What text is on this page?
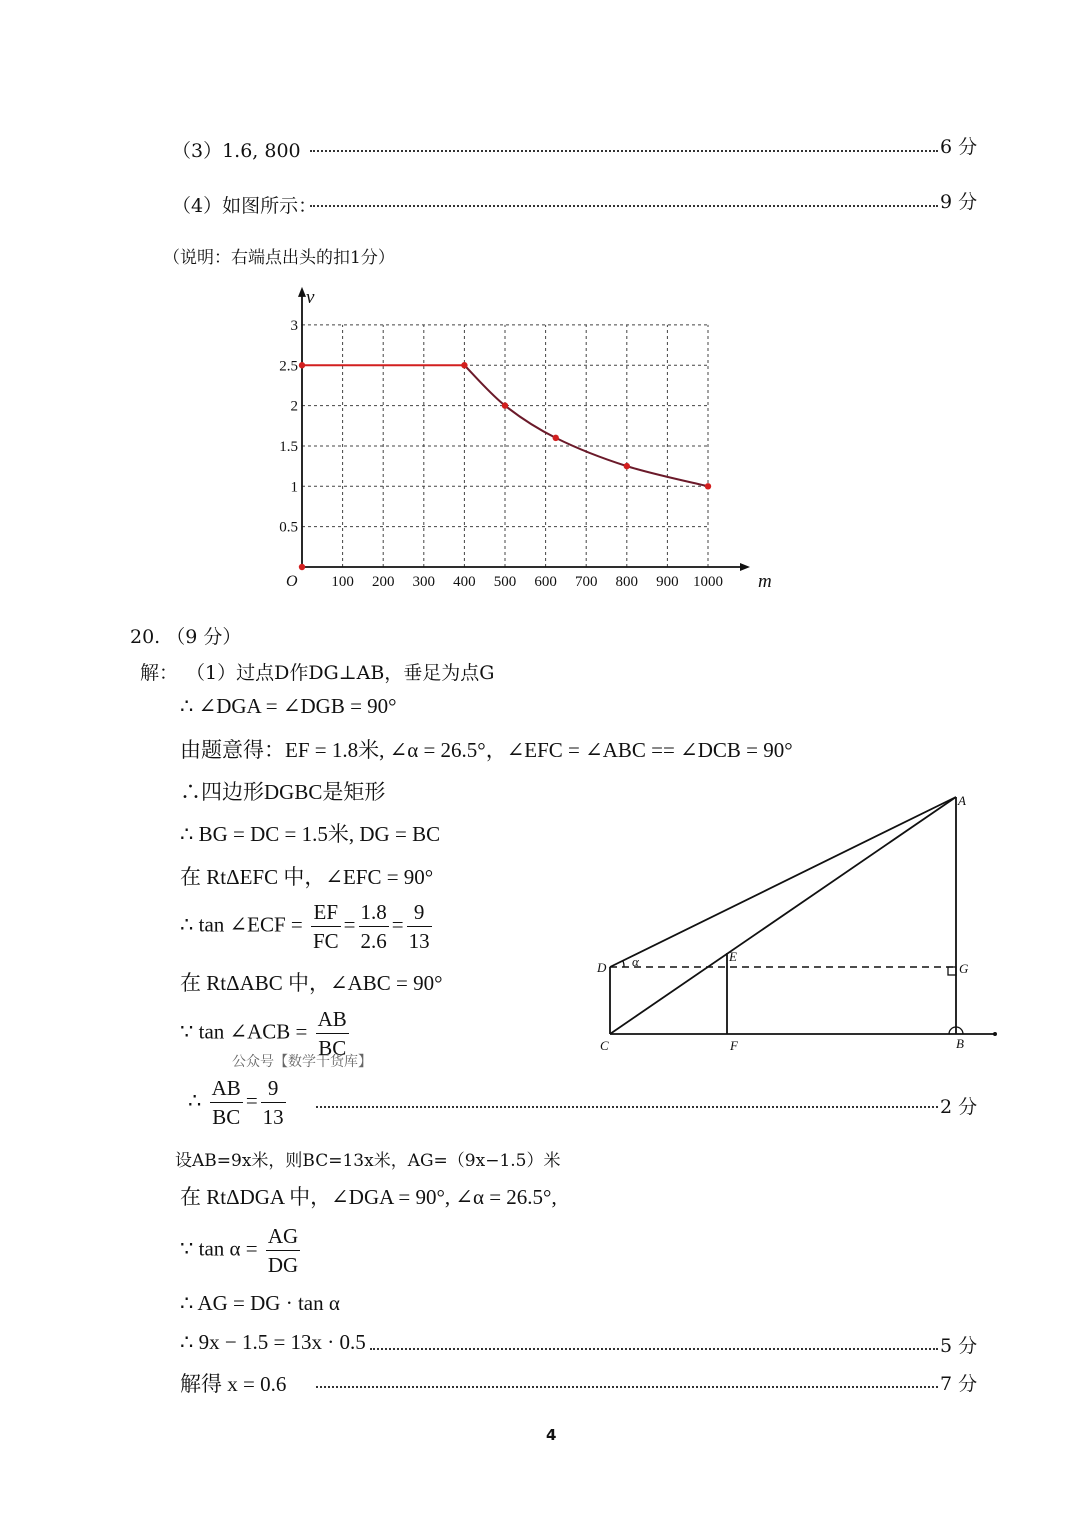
（3）1.6, 800	6 分
（4）如图所示：	9 分
（说明：右端点出头的扣1分）
100 200 300 400 500 600 700 800 900 1000
0.5
1
1.5
2
2.5
3
O	m
v
20. （9 分）
解： （1）过点D作DG⊥AB，垂足为点G
∴ ∠DGA = ∠DGB = 90°
由题意得：EF = 1.8米, ∠α = 26.5°，∠EFC = ∠ABC == ∠DCB = 90°
∴四边形DGBC是矩形
∴ BG = DC = 1.5米, DG = BC
在 RtΔEFC 中，∠EFC = 90°
∴ tan ∠ECF = $\frac{EF}{FC} = \frac{1.8}{2.6} = \frac{9}{13}$
在 RtΔABC 中，∠ABC = 90°
∵ tan ∠ACB = $\frac{AB}{BC}$
公众号【数学干货库】
∴ $\frac{AB}{BC} = \frac{9}{13}$	2 分
设AB=9x米，则BC=13x米，AG=（9x−1.5）米
在 RtΔDGA 中，∠DGA = 90°, ∠α = 26.5°,
∵ $\tan \alpha = \frac{AG}{DG}$
∴ AG = DG · tan α
∴ 9x − 1.5 = 13x · 0.5	5 分
解得 x = 0.6	7 分
A
B
C
D
E
F
G
α
4
